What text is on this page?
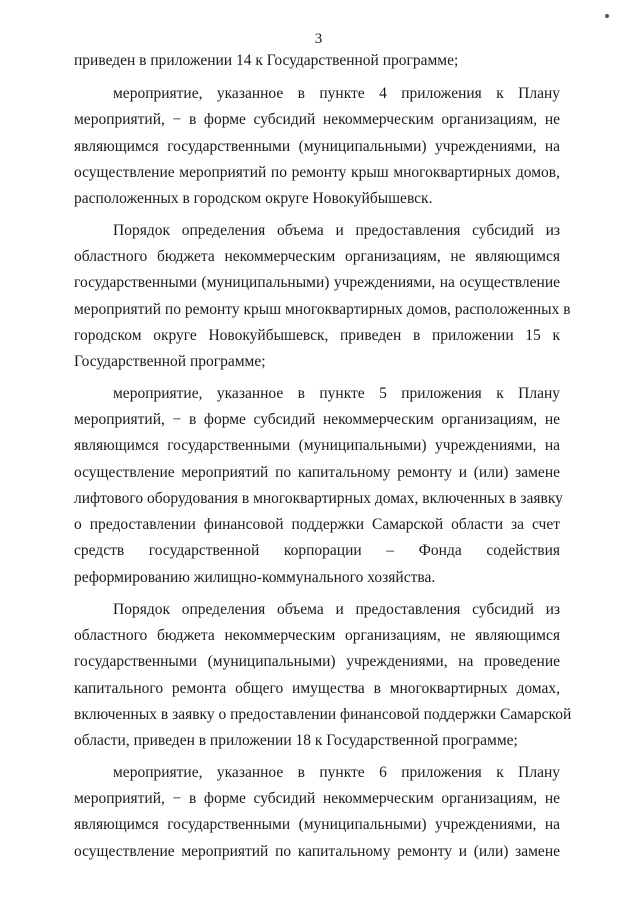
3
приведен в приложении 14 к Государственной программе;
мероприятие, указанное в пункте 4 приложения к Плану
мероприятий, − в форме субсидий некоммерческим организациям, не
являющимся государственными (муниципальными) учреждениями, на
осуществление мероприятий по ремонту крыш многоквартирных домов,
расположенных в городском округе Новокуйбышевск.
Порядок определения объема и предоставления субсидий из
областного бюджета некоммерческим организациям, не являющимся
государственными (муниципальными) учреждениями, на осуществление
мероприятий по ремонту крыш многоквартирных домов, расположенных в
городском округе Новокуйбышевск, приведен в приложении 15 к
Государственной программе;
мероприятие, указанное в пункте 5 приложения к Плану
мероприятий, − в форме субсидий некоммерческим организациям, не
являющимся государственными (муниципальными) учреждениями, на
осуществление мероприятий по капитальному ремонту и (или) замене
лифтового оборудования в многоквартирных домах, включенных в заявку
о предоставлении финансовой поддержки Самарской области за счет
средств государственной корпорации – Фонда содействия
реформированию жилищно-коммунального хозяйства.
Порядок определения объема и предоставления субсидий из
областного бюджета некоммерческим организациям, не являющимся
государственными (муниципальными) учреждениями, на проведение
капитального ремонта общего имущества в многоквартирных домах,
включенных в заявку о предоставлении финансовой поддержки Самарской
области, приведен в приложении 18 к Государственной программе;
мероприятие, указанное в пункте 6 приложения к Плану
мероприятий, − в форме субсидий некоммерческим организациям, не
являющимся государственными (муниципальными) учреждениями, на
осуществление мероприятий по капитальному ремонту и (или) замене
